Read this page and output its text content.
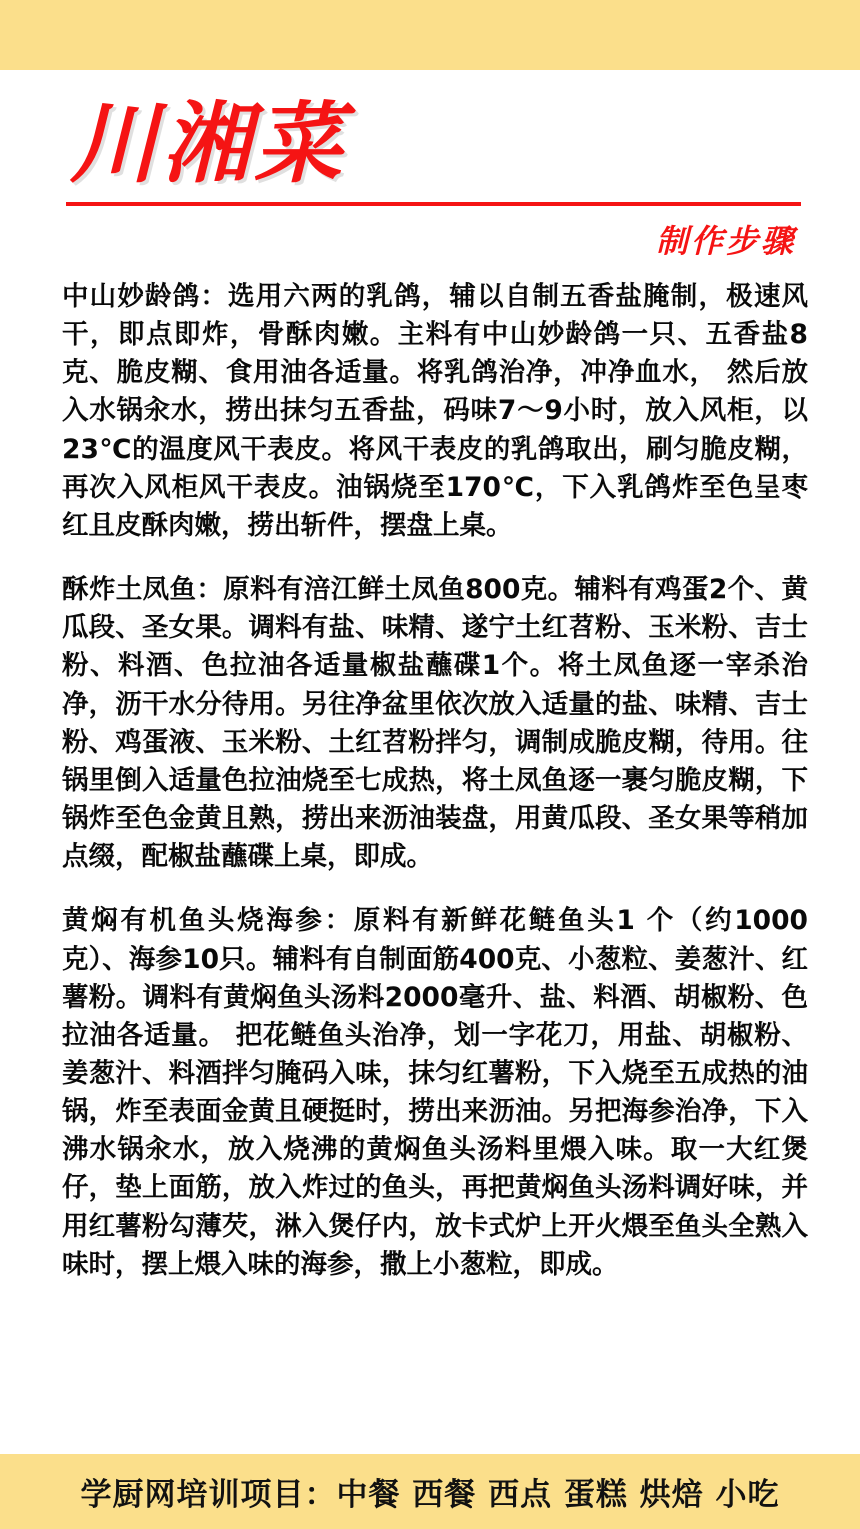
川湘菜
制作步骤

中山妙龄鸽：选用六两的乳鸽，辅以自制五香盐腌制，极速风干，即点即炸，骨酥肉嫩。主料有中山妙龄鸽一只、五香盐8克、脆皮糊、食用油各适量。将乳鸽治净，冲净血水， 然后放入水锅汆水，捞出抹匀五香盐，码味7～9小时，放入风柜，以23℃的温度风干表皮。将风干表皮的乳鸽取出，刷匀脆皮糊，再次入风柜风干表皮。油锅烧至170℃，下入乳鸽炸至色呈枣红且皮酥肉嫩，捞出斩件，摆盘上桌。

酥炸土凤鱼：原料有涪江鲜土凤鱼800克。辅料有鸡蛋2个、黄瓜段、圣女果。调料有盐、味精、遂宁土红苕粉、玉米粉、吉士粉、料酒、色拉油各适量椒盐蘸碟1个。将土凤鱼逐一宰杀治净，沥干水分待用。另往净盆里依次放入适量的盐、味精、吉士粉、鸡蛋液、玉米粉、土红苕粉拌匀，调制成脆皮糊，待用。往锅里倒入适量色拉油烧至七成热，将土凤鱼逐一裹匀脆皮糊，下锅炸至色金黄且熟，捞出来沥油装盘，用黄瓜段、圣女果等稍加点缀，配椒盐蘸碟上桌，即成。

黄焖有机鱼头烧海参：原料有新鲜花鲢鱼头1 个（约1000克）、海参10只。辅料有自制面筋400克、小葱粒、姜葱汁、红薯粉。调料有黄焖鱼头汤料2000毫升、盐、料酒、胡椒粉、色拉油各适量。 把花鲢鱼头治净，划一字花刀，用盐、胡椒粉、姜葱汁、料酒拌匀腌码入味，抹匀红薯粉，下入烧至五成热的油锅，炸至表面金黄且硬挺时，捞出来沥油。另把海参治净，下入沸水锅汆水，放入烧沸的黄焖鱼头汤料里煨入味。取一大红煲仔，垫上面筋，放入炸过的鱼头，再把黄焖鱼头汤料调好味，并用红薯粉勾薄芡，淋入煲仔内，放卡式炉上开火煨至鱼头全熟入味时，摆上煨入味的海参，撒上小葱粒，即成。

学厨网培训项目：中餐 西餐 西点 蛋糕 烘焙 小吃
